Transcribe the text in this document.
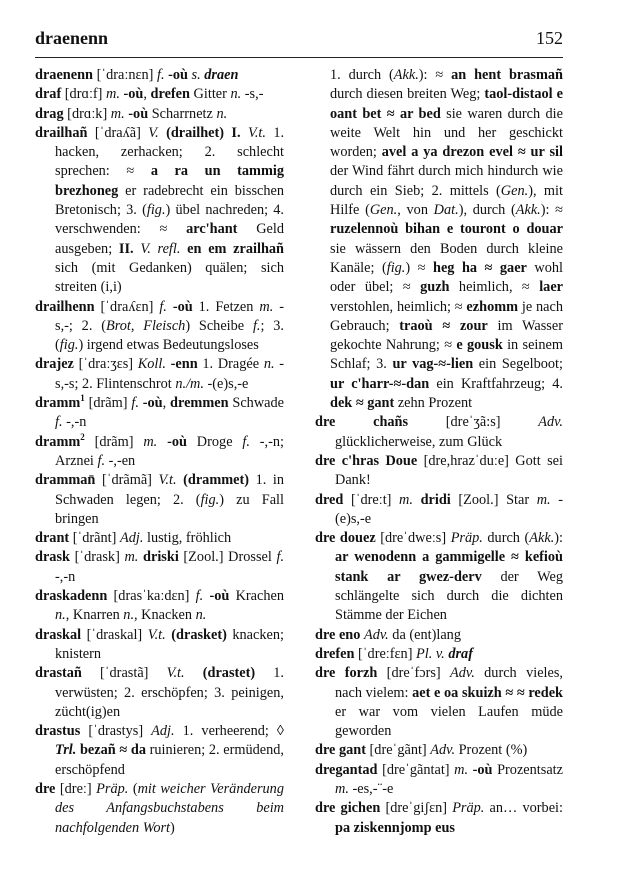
draenenn	152

draenenn [ˈdraːnɛn] f. -où s. draen

draf [drɑːf] m. -où, drefen Gitter n. -s,-

drag [drɑːk] m. -où Scharrnetz n.

drailhañ [ˈdraʎã] V. (drailhet) I. V.t. 1. hacken, zerhacken; 2. schlecht sprechen: ≈ a ra un tammig brezhoneg er radebrecht ein bisschen Bretonisch; 3. (fig.) übel nachreden; 4. verschwenden: ≈ arc'hant Geld ausgeben; II. V. refl. en em zrailhañ sich (mit Gedanken) quälen; sich streiten (i,i)

drailhenn [ˈdraʎɛn] f. -où 1. Fetzen m. -s,-; 2. (Brot, Fleisch) Scheibe f.; 3. (fig.) irgend etwas Bedeutungsloses

drajez [ˈdraːʒɛs] Koll. -enn 1. Dragée n. -s,-s; 2. Flintenschrot n./m. -(e)s,-e

dramm$^1$ [drãm] f. -où, dremmen Schwade f. -,-n

dramm$^2$ [drãm] m. -où Droge f. -,-n; Arznei f. -,-en

dramman̄ [ˈdrãmã] V.t. (drammet) 1. in Schwaden legen; 2. (fig.) zu Fall bringen

drant [ˈdrãnt] Adj. lustig, fröhlich

drask [ˈdrask] m. driski [Zool.] Drossel f. -,-n

draskadenn [drasˈkaːdɛn] f. -où Krachen n., Knarren n., Knacken n.

draskal [ˈdraskal] V.t. (drasket) knacken; knistern

drastañ [ˈdrastã] V.t. (drastet) 1. verwüsten; 2. erschöpfen; 3. peinigen, zücht(ig)en

drastus [ˈdrastys] Adj. 1. verheerend; ◊ Trl. bezañ ≈ da ruinieren; 2. ermüdend, erschöpfend

dre [dreː] Präp. (mit weicher Veränderung des Anfangsbuchstabens beim nachfolgenden Wort)

1. durch (Akk.): ≈ an hent brasmañ durch diesen breiten Weg; taol-distaol e oant bet ≈ ar bed sie waren durch die weite Welt hin und her geschickt worden; avel a ya drezon evel ≈ ur sil der Wind fährt durch mich hindurch wie durch ein Sieb; 2. mittels (Gen.), mit Hilfe (Gen., von Dat.), durch (Akk.): ≈ ruzelennoù bihan e touront o douar sie wässern den Boden durch kleine Kanäle; (fig.) ≈ heg ha ≈ gaer wohl oder übel; ≈ guzh heimlich, ≈ laer verstohlen, heimlich; ≈ ezhomm je nach Gebrauch; traoù ≈ zour im Wasser gekochte Nahrung; ≈ e gousk in seinem Schlaf; 3. ur vag-≈-lien ein Segelboot; ur c'harr-≈-dan ein Kraftfahrzeug; 4. dek ≈ gant zehn Prozent

dre chañs [dreˈʒã:s] Adv. glücklicherweise, zum Glück

dre c'hras Doue [dre,hrazˈduːe] Gott sei Dank!

dred [ˈdreːt] m. dridi [Zool.] Star m. -(e)s,-e

dre douez [dreˈdweːs] Präp. durch (Akk.): ar wenodenn a gammigelle ≈ kefioù stank ar gwez-derv der Weg schlängelte sich durch die dichten Stämme der Eichen

dre eno Adv. da (ent)lang

drefen [ˈdreːfɛn] Pl. v. draf

dre forzh [dreˈfɔrs] Adv. durch vieles, nach vielem: aet e oa skuizh ≈ ≈ redek er war vom vielen Laufen müde geworden

dre gant [dreˈgãnt] Adv. Prozent (%)

dregantad [dreˈgãntat] m. -où Prozentsatz m. -es,-¨-e

dre gichen [dreˈgiʃɛn] Präp. an… vorbei: pa ziskennjomp eus
